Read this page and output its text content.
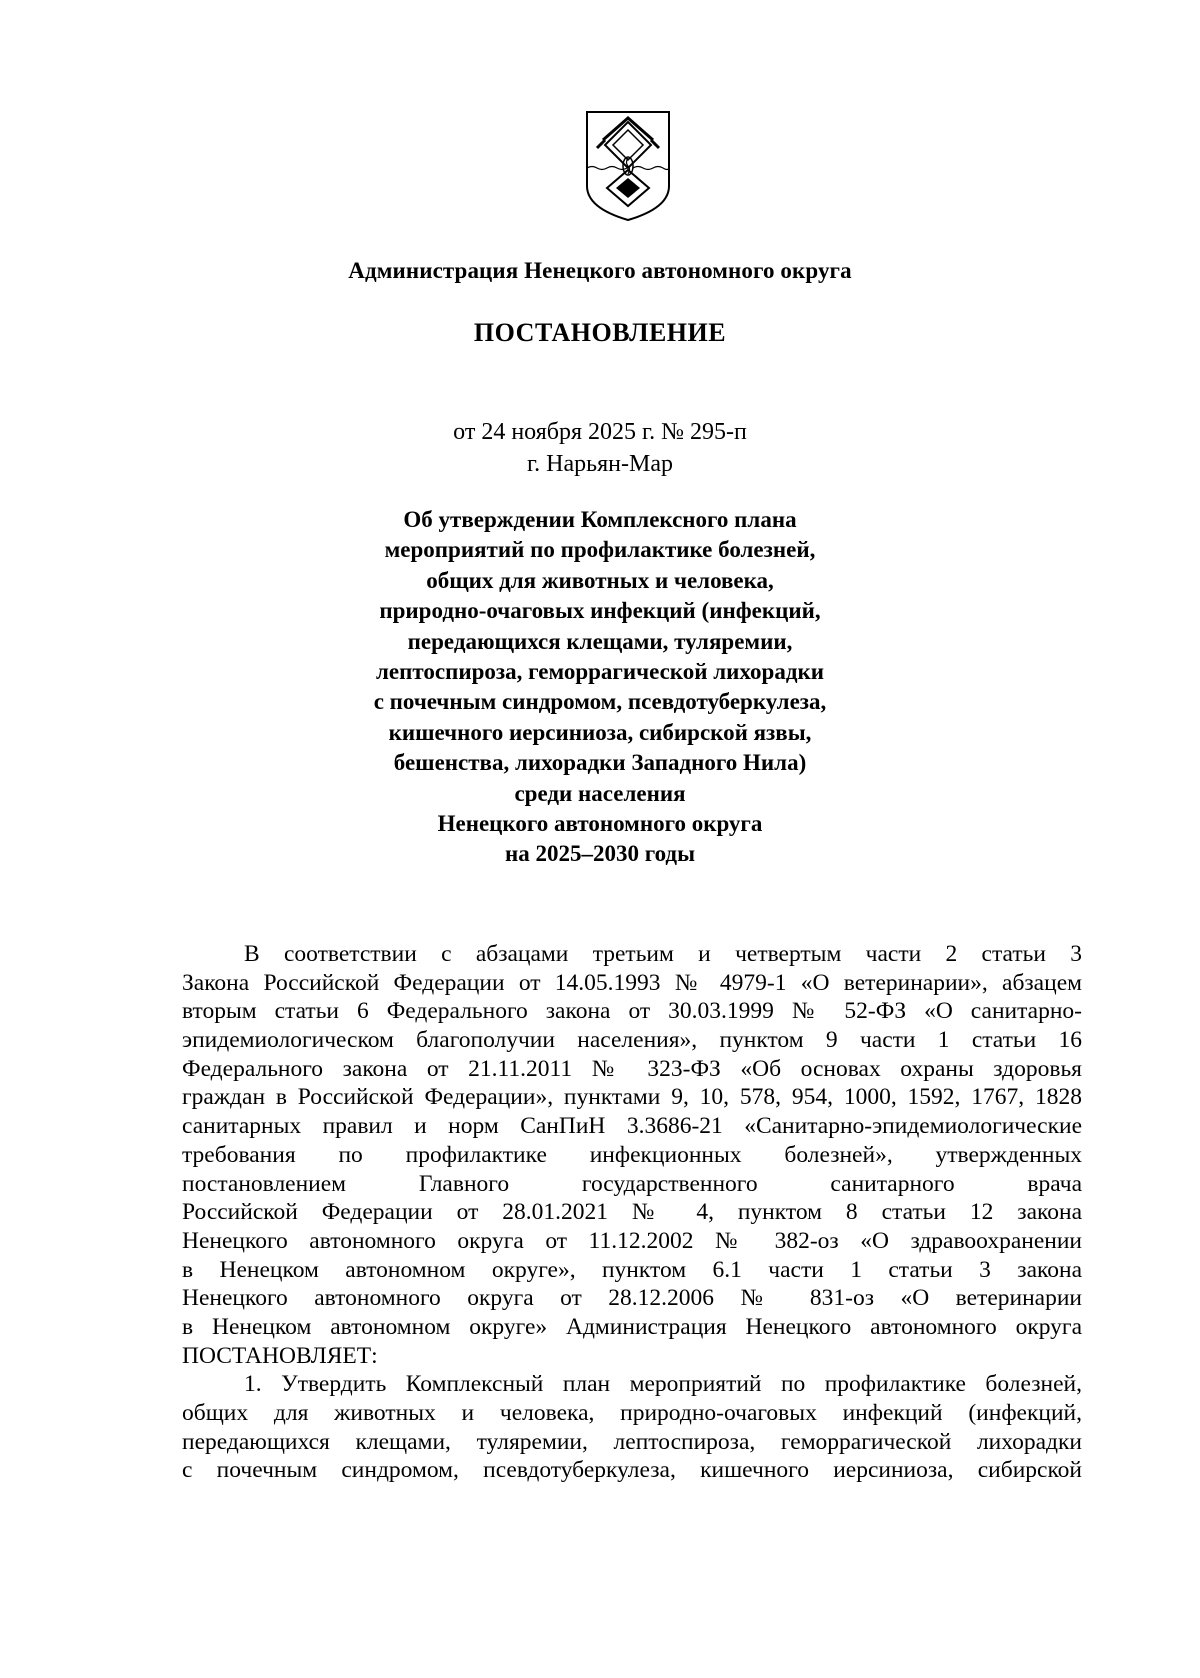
Администрация Ненецкого автономного округа
ПОСТАНОВЛЕНИЕ
от 24 ноября 2025 г. № 295-п
г. Нарьян-Мар
Об утверждении Комплексного плана
мероприятий по профилактике болезней,
общих для животных и человека,
природно-очаговых инфекций (инфекций,
передающихся клещами, туляремии,
лептоспироза, геморрагической лихорадки
с почечным синдромом, псевдотуберкулеза,
кишечного иерсиниоза, сибирской язвы,
бешенства, лихорадки Западного Нила)
среди населения
Ненецкого автономного округа
на 2025–2030 годы
В соответствии с абзацами третьим и четвертым части 2 статьи 3
Закона Российской Федерации от 14.05.1993 № 4979-1 «О ветеринарии», абзацем
вторым статьи 6 Федерального закона от 30.03.1999 № 52-ФЗ «О санитарно-
эпидемиологическом благополучии населения», пунктом 9 части 1 статьи 16
Федерального закона от 21.11.2011 № 323-ФЗ «Об основах охраны здоровья
граждан в Российской Федерации», пунктами 9, 10, 578, 954, 1000, 1592, 1767, 1828
санитарных правил и норм СанПиН 3.3686-21 «Санитарно-эпидемиологические
требования по профилактике инфекционных болезней», утвержденных
постановлением Главного государственного санитарного врача
Российской Федерации от 28.01.2021 № 4, пунктом 8 статьи 12 закона
Ненецкого автономного округа от 11.12.2002 № 382-оз «О здравоохранении
в Ненецком автономном округе», пунктом 6.1 части 1 статьи 3 закона
Ненецкого автономного округа от 28.12.2006 № 831-оз «О ветеринарии
в Ненецком автономном округе» Администрация Ненецкого автономного округа
ПОСТАНОВЛЯЕТ:
1. Утвердить Комплексный план мероприятий по профилактике болезней,
общих для животных и человека, природно-очаговых инфекций (инфекций,
передающихся клещами, туляремии, лептоспироза, геморрагической лихорадки
с почечным синдромом, псевдотуберкулеза, кишечного иерсиниоза, сибирской
